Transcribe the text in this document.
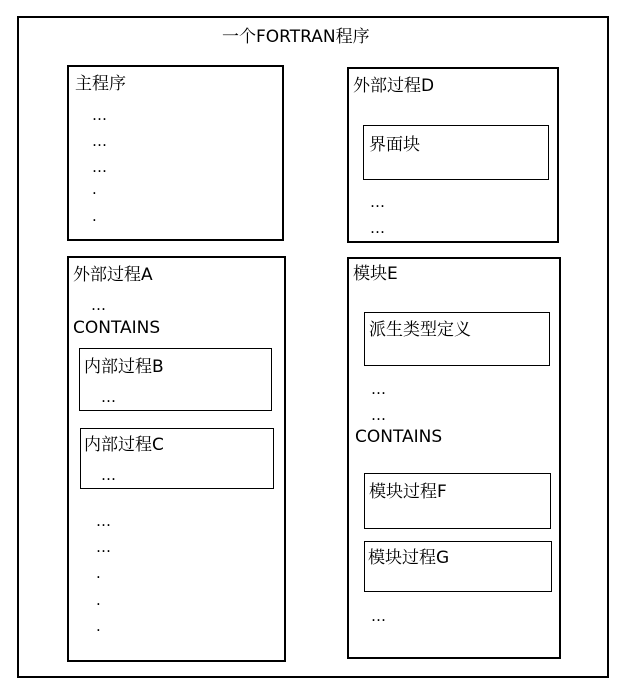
一个FORTRAN程序
主程序
…
…
…
.
.
外部过程D
界面块
…
…
外部过程A
…
CONTAINS
内部过程B
…
内部过程C
…
…
…
.
.
.
模块E
派生类型定义
…
…
CONTAINS
模块过程F
模块过程G
…
